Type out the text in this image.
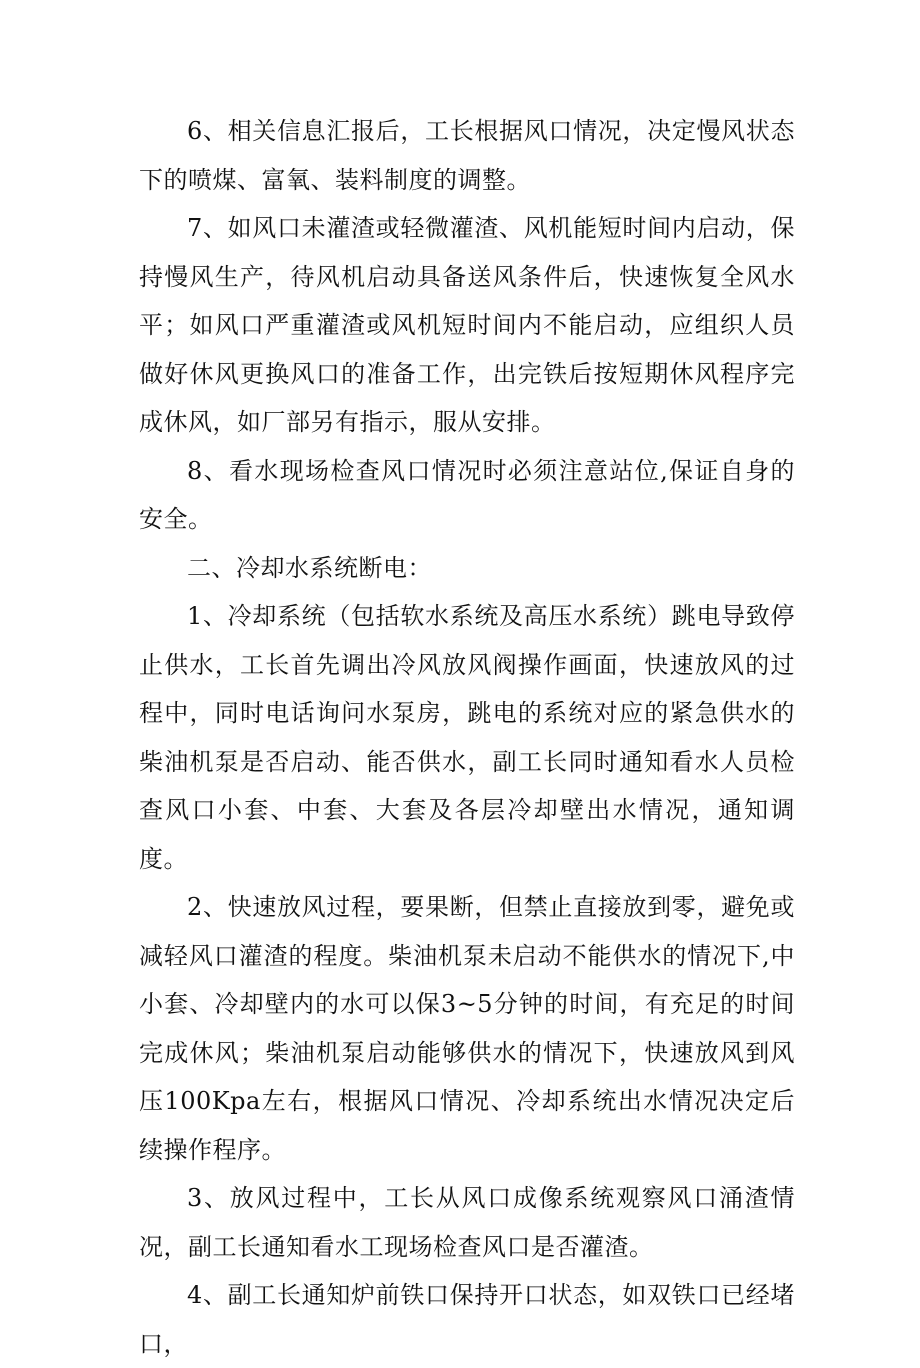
6、相关信息汇报后，工长根据风口情况，决定慢风状态下的喷煤、富氧、装料制度的调整。

7、如风口未灌渣或轻微灌渣、风机能短时间内启动，保持慢风生产，待风机启动具备送风条件后，快速恢复全风水平；如风口严重灌渣或风机短时间内不能启动，应组织人员做好休风更换风口的准备工作，出完铁后按短期休风程序完成休风，如厂部另有指示，服从安排。

8、看水现场检查风口情况时必须注意站位,保证自身的安全。

二、冷却水系统断电：

1、冷却系统（包括软水系统及高压水系统）跳电导致停止供水，工长首先调出冷风放风阀操作画面，快速放风的过程中，同时电话询问水泵房，跳电的系统对应的紧急供水的柴油机泵是否启动、能否供水，副工长同时通知看水人员检查风口小套、中套、大套及各层冷却壁出水情况，通知调度。

2、快速放风过程，要果断，但禁止直接放到零，避免或减轻风口灌渣的程度。柴油机泵未启动不能供水的情况下,中小套、冷却壁内的水可以保3~5分钟的时间，有充足的时间完成休风；柴油机泵启动能够供水的情况下，快速放风到风压100Kpa左右，根据风口情况、冷却系统出水情况决定后续操作程序。

3、放风过程中，工长从风口成像系统观察风口涌渣情况，副工长通知看水工现场检查风口是否灌渣。

4、副工长通知炉前铁口保持开口状态，如双铁口已经堵口，
